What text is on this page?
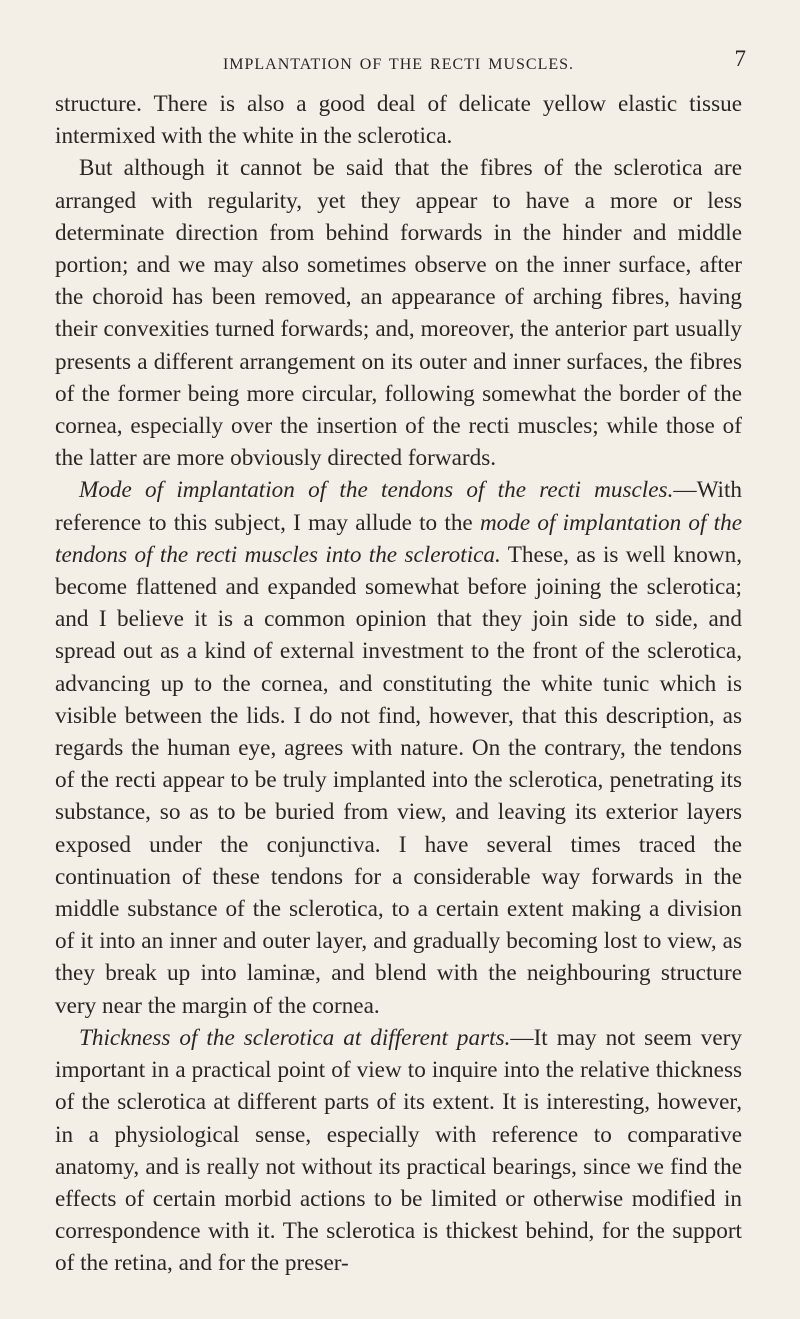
IMPLANTATION OF THE RECTI MUSCLES.	7

structure. There is also a good deal of delicate yellow elastic tissue intermixed with the white in the sclerotica.

But although it cannot be said that the fibres of the sclerotica are arranged with regularity, yet they appear to have a more or less determinate direction from behind forwards in the hinder and middle portion; and we may also sometimes observe on the inner surface, after the choroid has been removed, an appearance of arching fibres, having their convexities turned forwards; and, moreover, the anterior part usually presents a different arrangement on its outer and inner surfaces, the fibres of the former being more circular, following somewhat the border of the cornea, especially over the insertion of the recti muscles; while those of the latter are more obviously directed forwards.

Mode of implantation of the tendons of the recti muscles.—With reference to this subject, I may allude to the mode of implantation of the tendons of the recti muscles into the sclerotica. These, as is well known, become flattened and expanded somewhat before joining the sclerotica; and I believe it is a common opinion that they join side to side, and spread out as a kind of external investment to the front of the sclerotica, advancing up to the cornea, and constituting the white tunic which is visible between the lids. I do not find, however, that this description, as regards the human eye, agrees with nature. On the contrary, the tendons of the recti appear to be truly implanted into the sclerotica, penetrating its substance, so as to be buried from view, and leaving its exterior layers exposed under the conjunctiva. I have several times traced the continuation of these tendons for a considerable way forwards in the middle substance of the sclerotica, to a certain extent making a division of it into an inner and outer layer, and gradually becoming lost to view, as they break up into laminæ, and blend with the neighbouring structure very near the margin of the cornea.

Thickness of the sclerotica at different parts.—It may not seem very important in a practical point of view to inquire into the relative thickness of the sclerotica at different parts of its extent. It is interesting, however, in a physiological sense, especially with reference to comparative anatomy, and is really not without its practical bearings, since we find the effects of certain morbid actions to be limited or otherwise modified in correspondence with it. The sclerotica is thickest behind, for the support of the retina, and for the preser-
